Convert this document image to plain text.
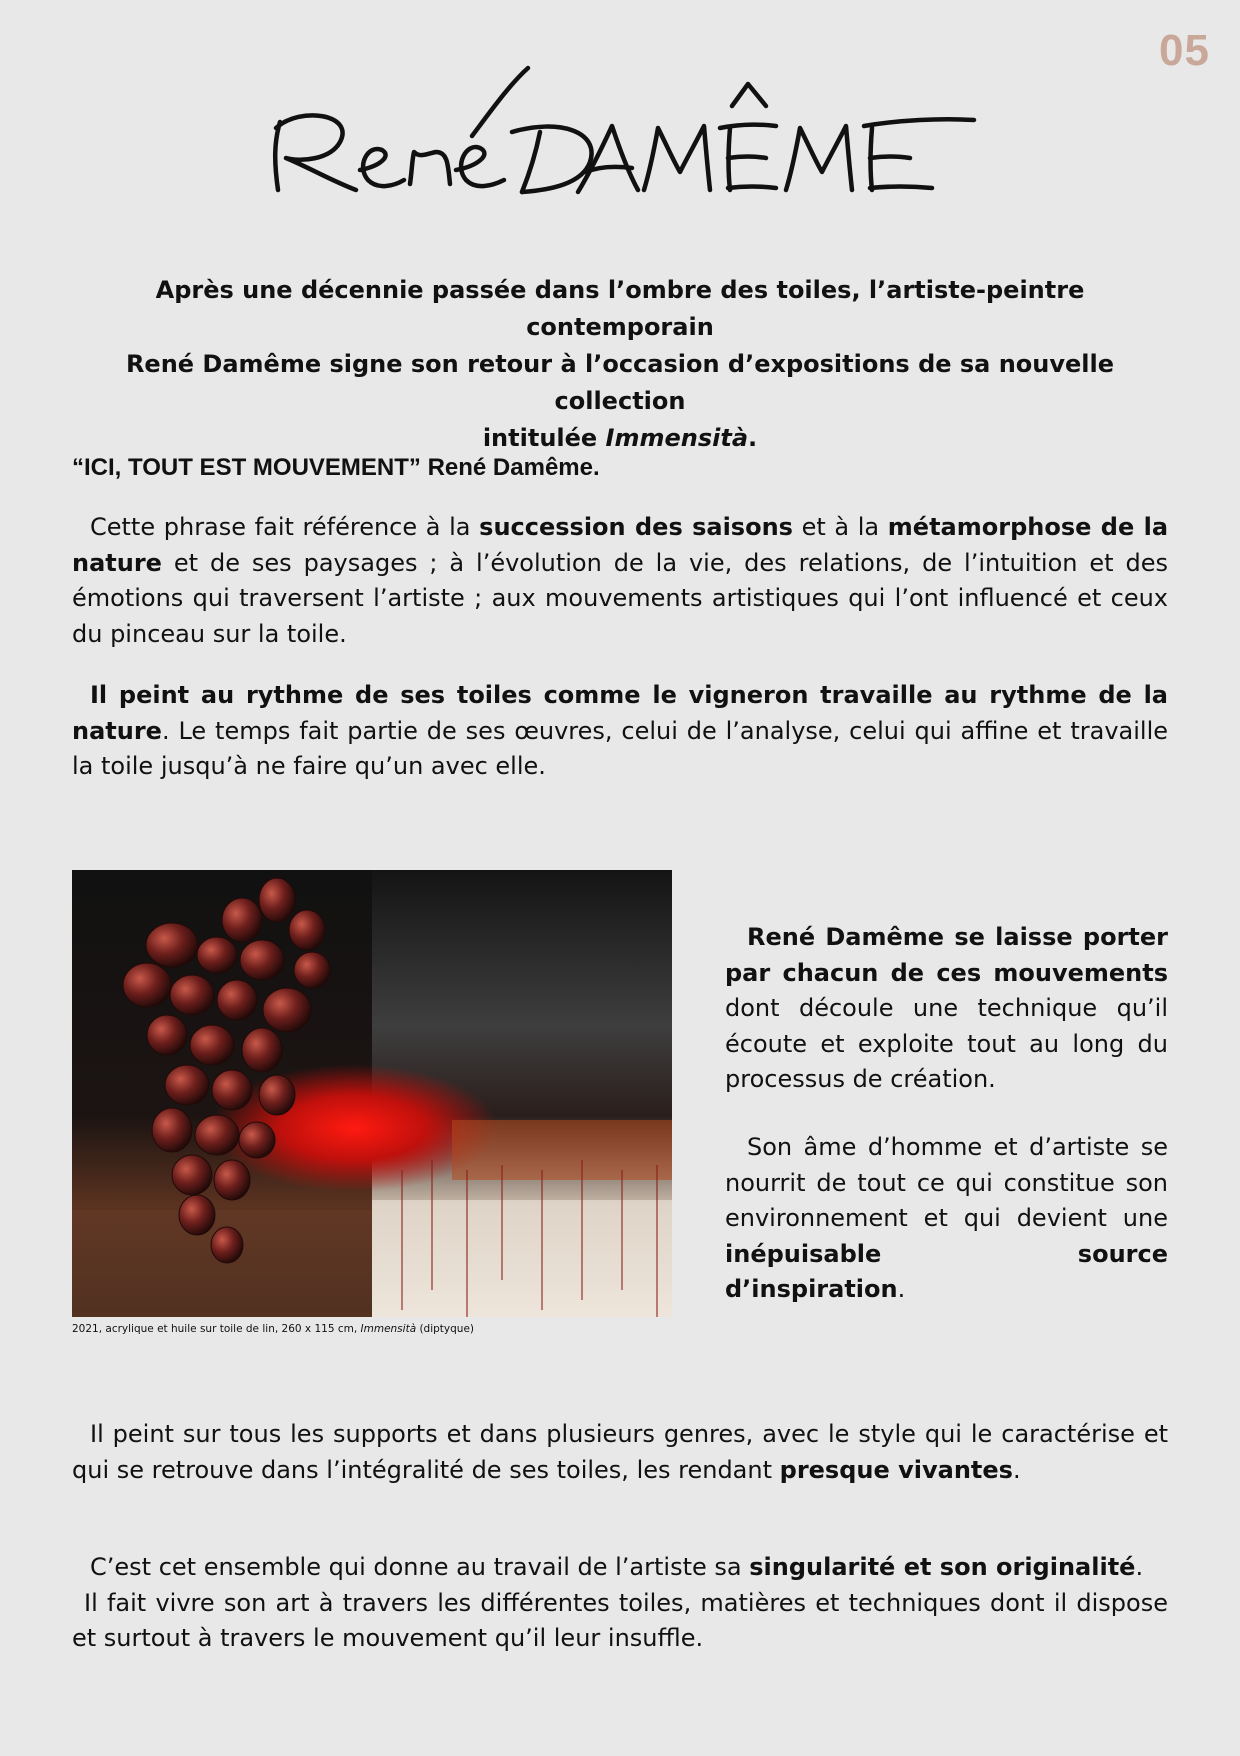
05
Après une décennie passée dans l’ombre des toiles, l’artiste-peintre contemporain
René Damême signe son retour à l’occasion d’expositions de sa nouvelle collection
intitulée Immensità.
“ICI, TOUT EST MOUVEMENT” René Damême.
Cette phrase fait référence à la succession des saisons et à la métamorphose de la nature et de ses paysages ; à l’évolution de la vie, des relations, de l’intuition et des émotions qui traversent l’artiste ; aux mouvements artistiques qui l’ont influencé et ceux du pinceau sur la toile.
Il peint au rythme de ses toiles comme le vigneron travaille au rythme de la nature. Le temps fait partie de ses œuvres, celui de l’analyse, celui qui affine et travaille la toile jusqu’à ne faire qu’un avec elle.
2021, acrylique et huile sur toile de lin, 260 x 115 cm, Immensità (diptyque)
René Damême se laisse porter par chacun de ces mouvements dont découle une technique qu’il écoute et exploite tout au long du processus de création.
Son âme d’homme et d’artiste se nourrit de tout ce qui constitue son environnement et qui devient une inépuisable source d’inspiration.
Il peint sur tous les supports et dans plusieurs genres, avec le style qui le caractérise et qui se retrouve dans l’intégralité de ses toiles, les rendant presque vivantes.
C’est cet ensemble qui donne au travail de l’artiste sa singularité et son originalité.
Il fait vivre son art à travers les différentes toiles, matières et techniques dont il dispose et surtout à travers le mouvement qu’il leur insuffle.
